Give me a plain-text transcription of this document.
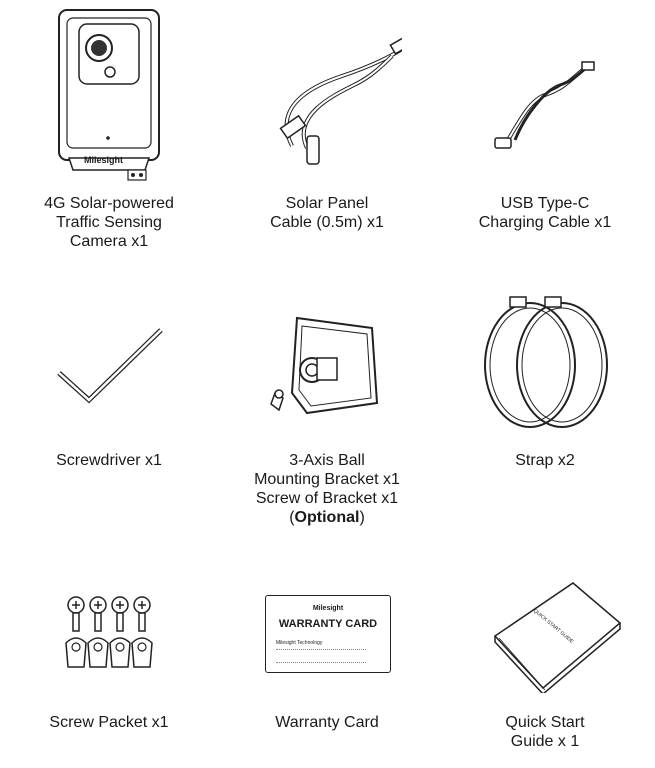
Milesight
4G Solar-powered
Traffic Sensing
Camera x1
Solar Panel
Cable (0.5m) x1
USB Type-C
Charging Cable x1
Screwdriver x1	3-Axis Ball
Mounting Bracket x1
Screw of Bracket x1
(Optional)
Strap x2
Screw Packet x1
Milesight
WARRANTY CARD
Milesight Technology
Warranty Card
QUICK START GUIDE
Quick Start
Guide x 1
